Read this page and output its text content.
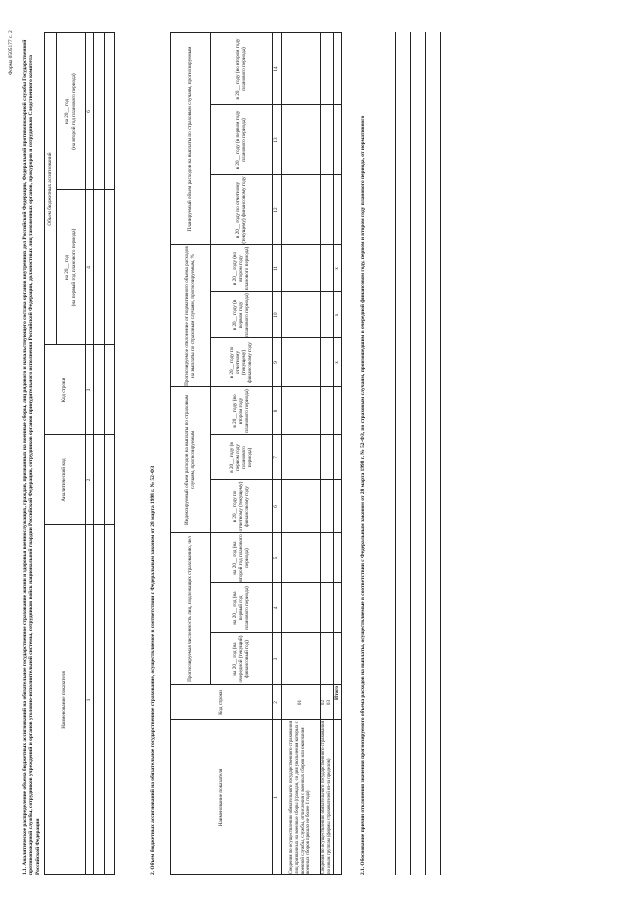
Форма 0505177 с. 2 1.1. Аналитическое распределение объема бюджетных ассигнований на обязательное государственное страхование жизни и здоровья военнослужащих, граждан, призванных на военные сборы, лиц рядового и начальствующего состава органов внутренних дел Российской Федерации, Федеральной противопожарной службы Государственной противопожарной службы, сотрудников учреждений и органов уголовно-исполнительной системы, сотрудников войск национальной гвардии Российской Федерации, сотрудников органов принудительного исполнения Российской Федерации, должностных лиц таможенных органов, прокуроров и сотрудников Следственного комитета Российской Федерации
Наименование показателя
Аналитический код
Код строки
Объем бюджетных ассигнований
на 20__ год (на первый год планового периода)
на 20__ год (на второй год планового периода)
1
2
3
4
6
2. Объем бюджетных ассигнований на обязательное государственное страхование, осуществляемое в соответствии с Федеральным законом от 28 марта 1998 г. № 52-ФЗ	Наименование показателя
Код строки
Прогнозируемая численность лиц, подлежащих страхованию, чел
Индексируемый объем расходов на выплаты по страховым случаям, прогнозируемым
Прогнозируемое отклонение от нормативного объема расходов на выплаты по страховым случаям, прогнозируемым, %
Планируемый объем расходов на выплаты по страховым случаям, прогнозируемым
на 20__ год (на очередной (текущий) финансовый год)
на 20__ год (на первый год планового периода)
на 20__ год (на второй год планового периода)
в 20__ году по отчетному (текущему) финансовому году
в 20__ году (в первом году планового периода)
в 20__ году (во втором году планового периода)
в 20__ году по отчетному (текущему) финансовому году
в 20__ году (в первом году планового периода)
в 20__ году (во втором году планового периода)
в 20__ году по отчетному (текущему) финансовому году
в 20__ году (в первом году планового периода)
в 20__ году (во втором году планового периода)
1
2
3
4
5
6
7
8
9
10
11
12
13
14
Сведения по осуществлению обязательного государственного страхования лиц призванных на военные сборы (граждан, со дня увольнения которых с военной службы, службы, отчисления с военных сборов или окончания военных сборов прошло не более 1 года)
01
Сведения по осуществлению обязательного государственного страхования по иным группам (формы страхователей из-за пределов)
02 03
Итого
x
x
x	2.1. Обоснование причин отклонения значения прогнозируемого объема расходов на выплаты, осуществляемые в соответствии с Федеральным законом от 28 марта 1998 г. № 52-ФЗ, по страховым случаям, произошедшим в очередной финансовом году, первом и втором году планового периода, от нормативного
